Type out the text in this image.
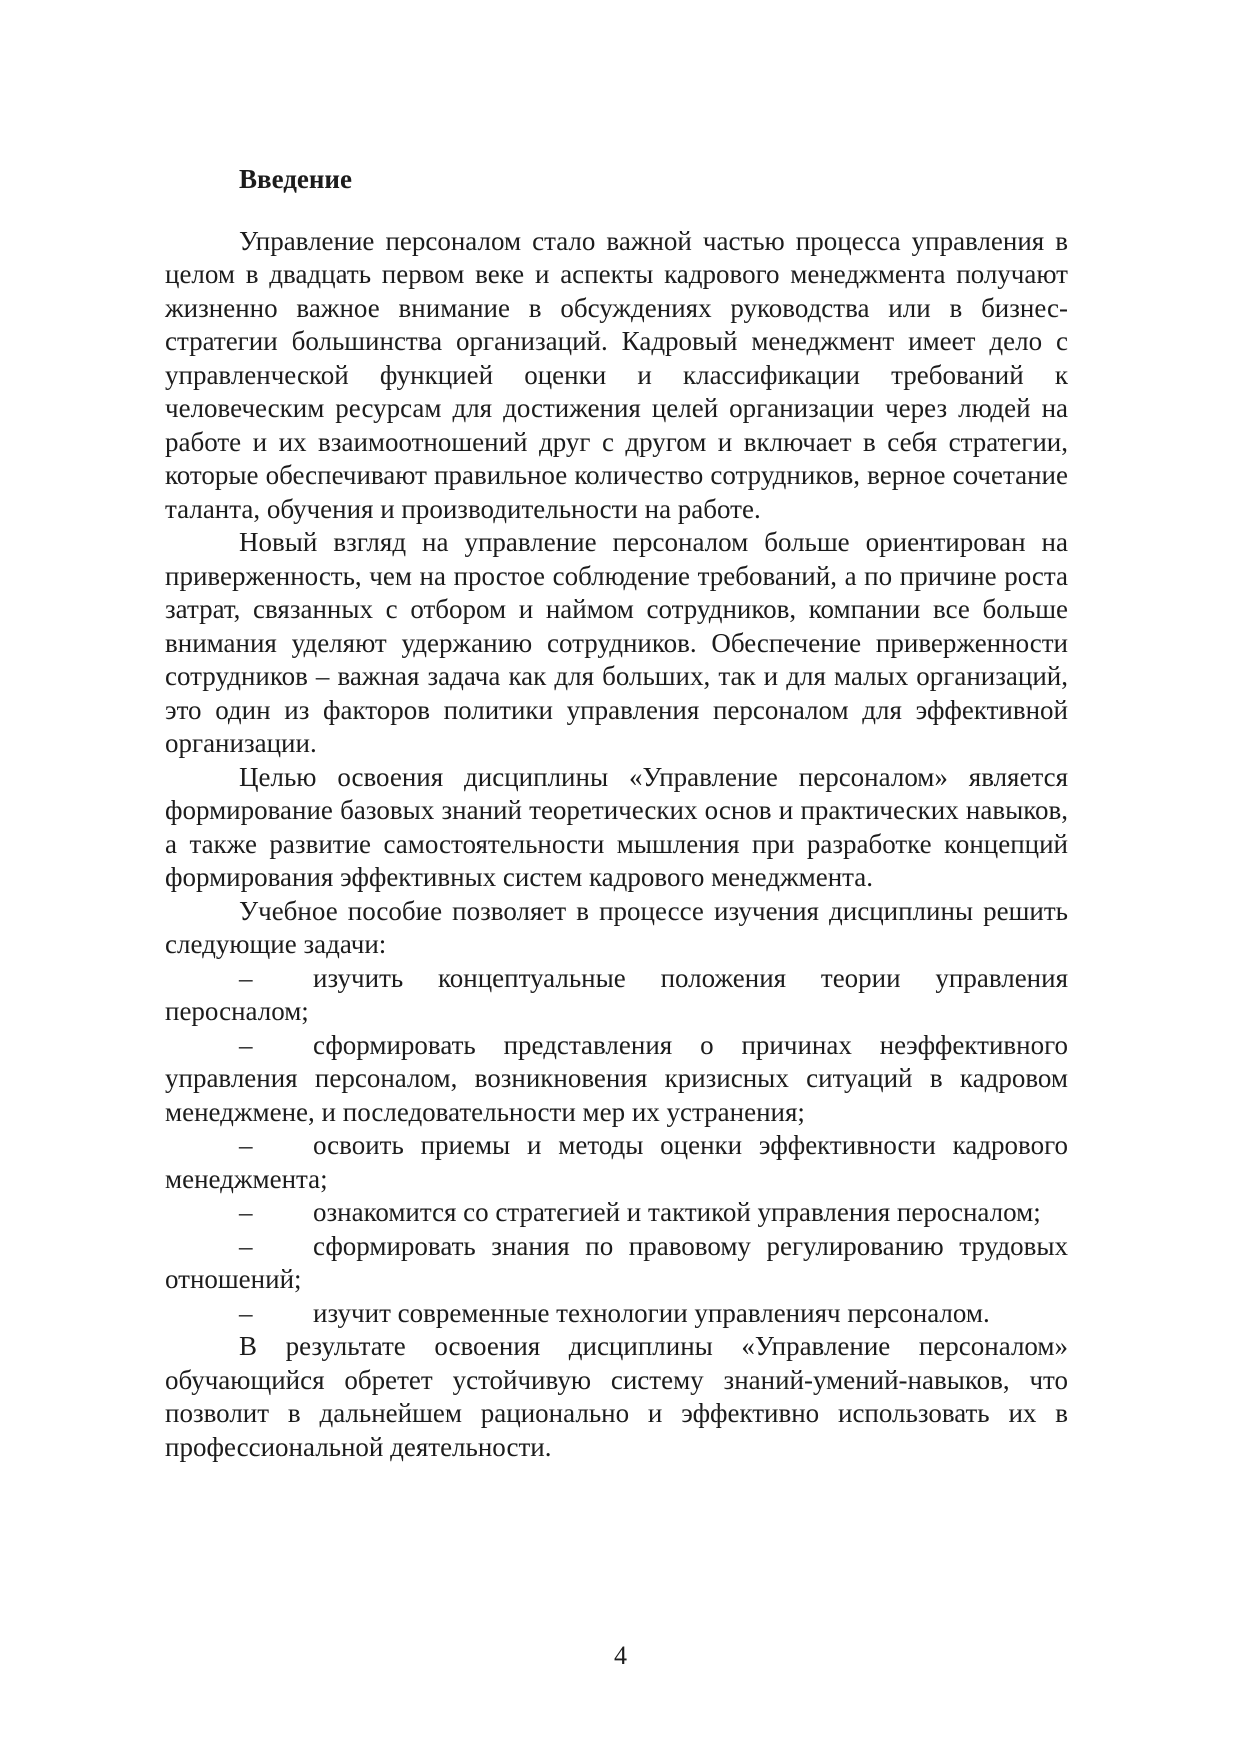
Введение

Управление персоналом стало важной частью процесса управления в целом в двадцать первом веке и аспекты кадрового менеджмента получают жизненно важное внимание в обсуждениях руководства или в бизнес-стратегии большинства организаций. Кадровый менеджмент имеет дело с управленческой функцией оценки и классификации требований к человеческим ресурсам для достижения целей организации через людей на работе и их взаимоотношений друг с другом и включает в себя стратегии, которые обеспечивают правильное количество сотрудников, верное сочетание таланта, обучения и производительности на работе.

Новый взгляд на управление персоналом больше ориентирован на приверженность, чем на простое соблюдение требований, а по причине роста затрат, связанных с отбором и наймом сотрудников, компании все больше внимания уделяют удержанию сотрудников. Обеспечение приверженности сотрудников – важная задача как для больших, так и для малых организаций, это один из факторов политики управления персоналом для эффективной организации.

Целью освоения дисциплины «Управление персоналом» является формирование базовых знаний теоретических основ и практических навыков, а также развитие самостоятельности мышления при разработке концепций формирования эффективных систем кадрового менеджмента.

Учебное пособие позволяет в процессе изучения дисциплины решить следующие задачи:

– изучить концептуальные положения теории управления перосналом;
– сформировать представления о причинах неэффективного управления персоналом, возникновения кризисных ситуаций в кадровом менеджмене, и последовательности мер их устранения;
– освоить приемы и методы оценки эффективности кадрового менеджмента;
– ознакомится со стратегией и тактикой управления перосналом;
– сформировать знания по правовому регулированию трудовых отношений;
– изучит современные технологии управленияч персоналом.

В результате освоения дисциплины «Управление персоналом» обучающийся обретет устойчивую систему знаний-умений-навыков, что позволит в дальнейшем рационально и эффективно использовать их в профессиональной деятельности.

4
